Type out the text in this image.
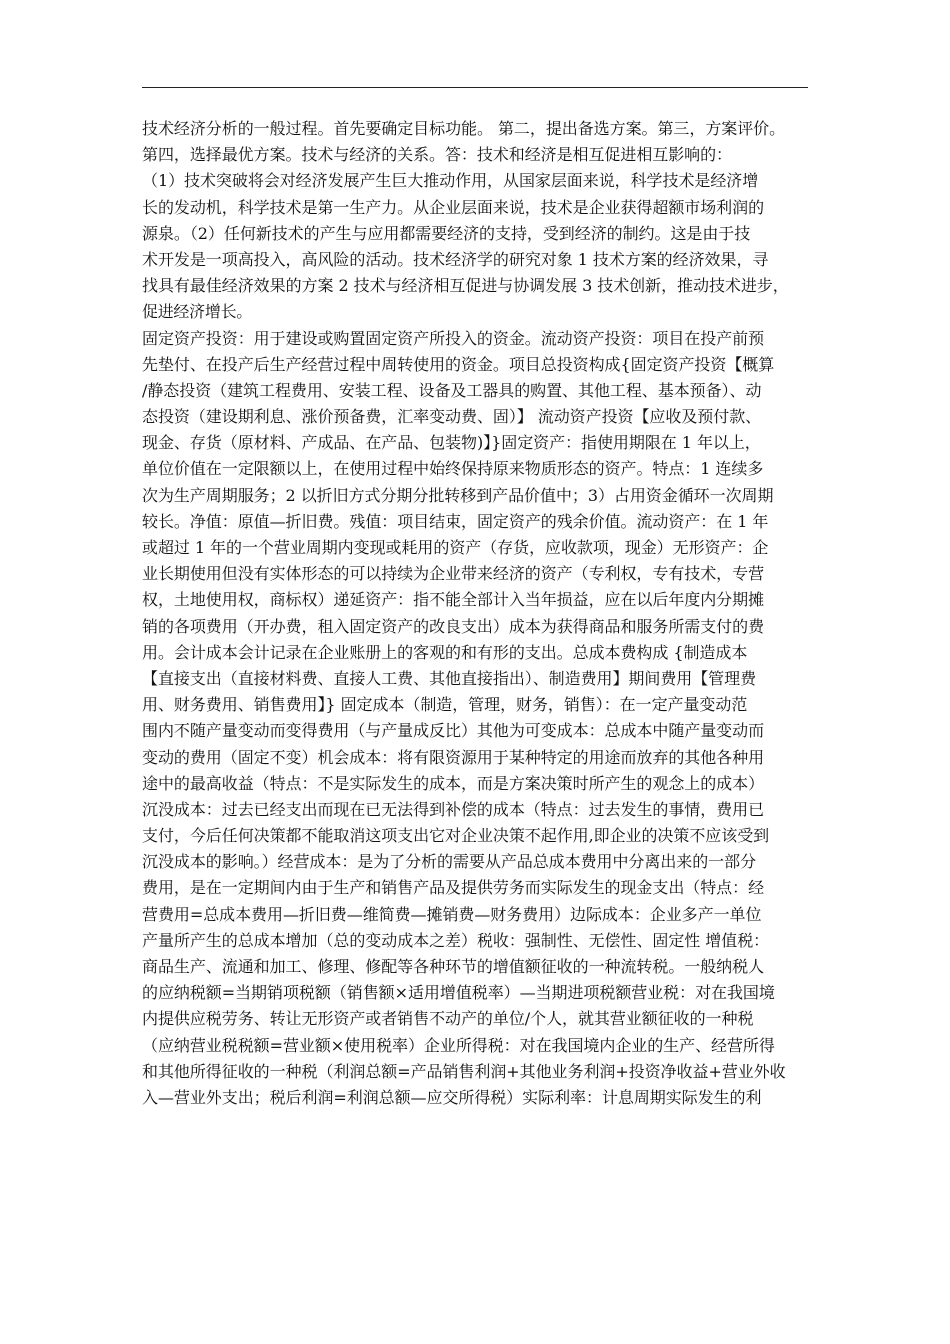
技术经济分析的一般过程。首先要确定目标功能。 第二，提出备选方案。第三，方案评价。
第四，选择最优方案。技术与经济的关系。答：技术和经济是相互促进相互影响的：
（1）技术突破将会对经济发展产生巨大推动作用，从国家层面来说，科学技术是经济增
长的发动机，科学技术是第一生产力。从企业层面来说，技术是企业获得超额市场利润的
源泉。（2）任何新技术的产生与应用都需要经济的支持，受到经济的制约。这是由于技
术开发是一项高投入，高风险的活动。技术经济学的研究对象 1 技术方案的经济效果，寻
找具有最佳经济效果的方案 2 技术与经济相互促进与协调发展 3 技术创新，推动技术进步，
促进经济增长。
固定资产投资：用于建设或购置固定资产所投入的资金。流动资产投资：项目在投产前预
先垫付、在投产后生产经营过程中周转使用的资金。项目总投资构成{固定资产投资【概算
/静态投资（建筑工程费用、安装工程、设备及工器具的购置、其他工程、基本预备）、动
态投资（建设期利息、涨价预备费，汇率变动费、固）】 流动资产投资【应收及预付款、
现金、存货（原材料、产成品、在产品、包装物)】}固定资产：指使用期限在 1 年以上，
单位价值在一定限额以上，在使用过程中始终保持原来物质形态的资产。特点：1 连续多
次为生产周期服务；2 以折旧方式分期分批转移到产品价值中；3）占用资金循环一次周期
较长。净值：原值—折旧费。残值：项目结束，固定资产的残余价值。流动资产：在 1 年
或超过 1 年的一个营业周期内变现或耗用的资产（存货，应收款项，现金）无形资产：企
业长期使用但没有实体形态的可以持续为企业带来经济的资产（专利权，专有技术，专营
权，土地使用权，商标权）递延资产：指不能全部计入当年损益，应在以后年度内分期摊
销的各项费用（开办费，租入固定资产的改良支出）成本为获得商品和服务所需支付的费
用。会计成本会计记录在企业账册上的客观的和有形的支出。总成本费构成 {制造成本
【直接支出（直接材料费、直接人工费、其他直接指出）、制造费用】期间费用【管理费
用、财务费用、销售费用】} 固定成本（制造，管理，财务，销售）：在一定产量变动范
围内不随产量变动而变得费用（与产量成反比）其他为可变成本：总成本中随产量变动而
变动的费用（固定不变）机会成本：将有限资源用于某种特定的用途而放弃的其他各种用
途中的最高收益（特点：不是实际发生的成本，而是方案决策时所产生的观念上的成本）
沉没成本：过去已经支出而现在已无法得到补偿的成本（特点：过去发生的事情，费用已
支付，今后任何决策都不能取消这项支出它对企业决策不起作用,即企业的决策不应该受到
沉没成本的影响。）经营成本：是为了分析的需要从产品总成本费用中分离出来的一部分
费用，是在一定期间内由于生产和销售产品及提供劳务而实际发生的现金支出（特点：经
营费用=总成本费用—折旧费—维简费—摊销费—财务费用）边际成本：企业多产一单位
产量所产生的总成本增加（总的变动成本之差）税收：强制性、无偿性、固定性 增值税：
商品生产、流通和加工、修理、修配等各种环节的增值额征收的一种流转税。一般纳税人
的应纳税额=当期销项税额（销售额×适用增值税率）—当期进项税额营业税：对在我国境
内提供应税劳务、转让无形资产或者销售不动产的单位/个人，就其营业额征收的一种税
（应纳营业税税额=营业额×使用税率）企业所得税：对在我国境内企业的生产、经营所得
和其他所得征收的一种税（利润总额=产品销售利润+其他业务利润+投资净收益+营业外收
入—营业外支出；税后利润=利润总额—应交所得税）实际利率：计息周期实际发生的利
